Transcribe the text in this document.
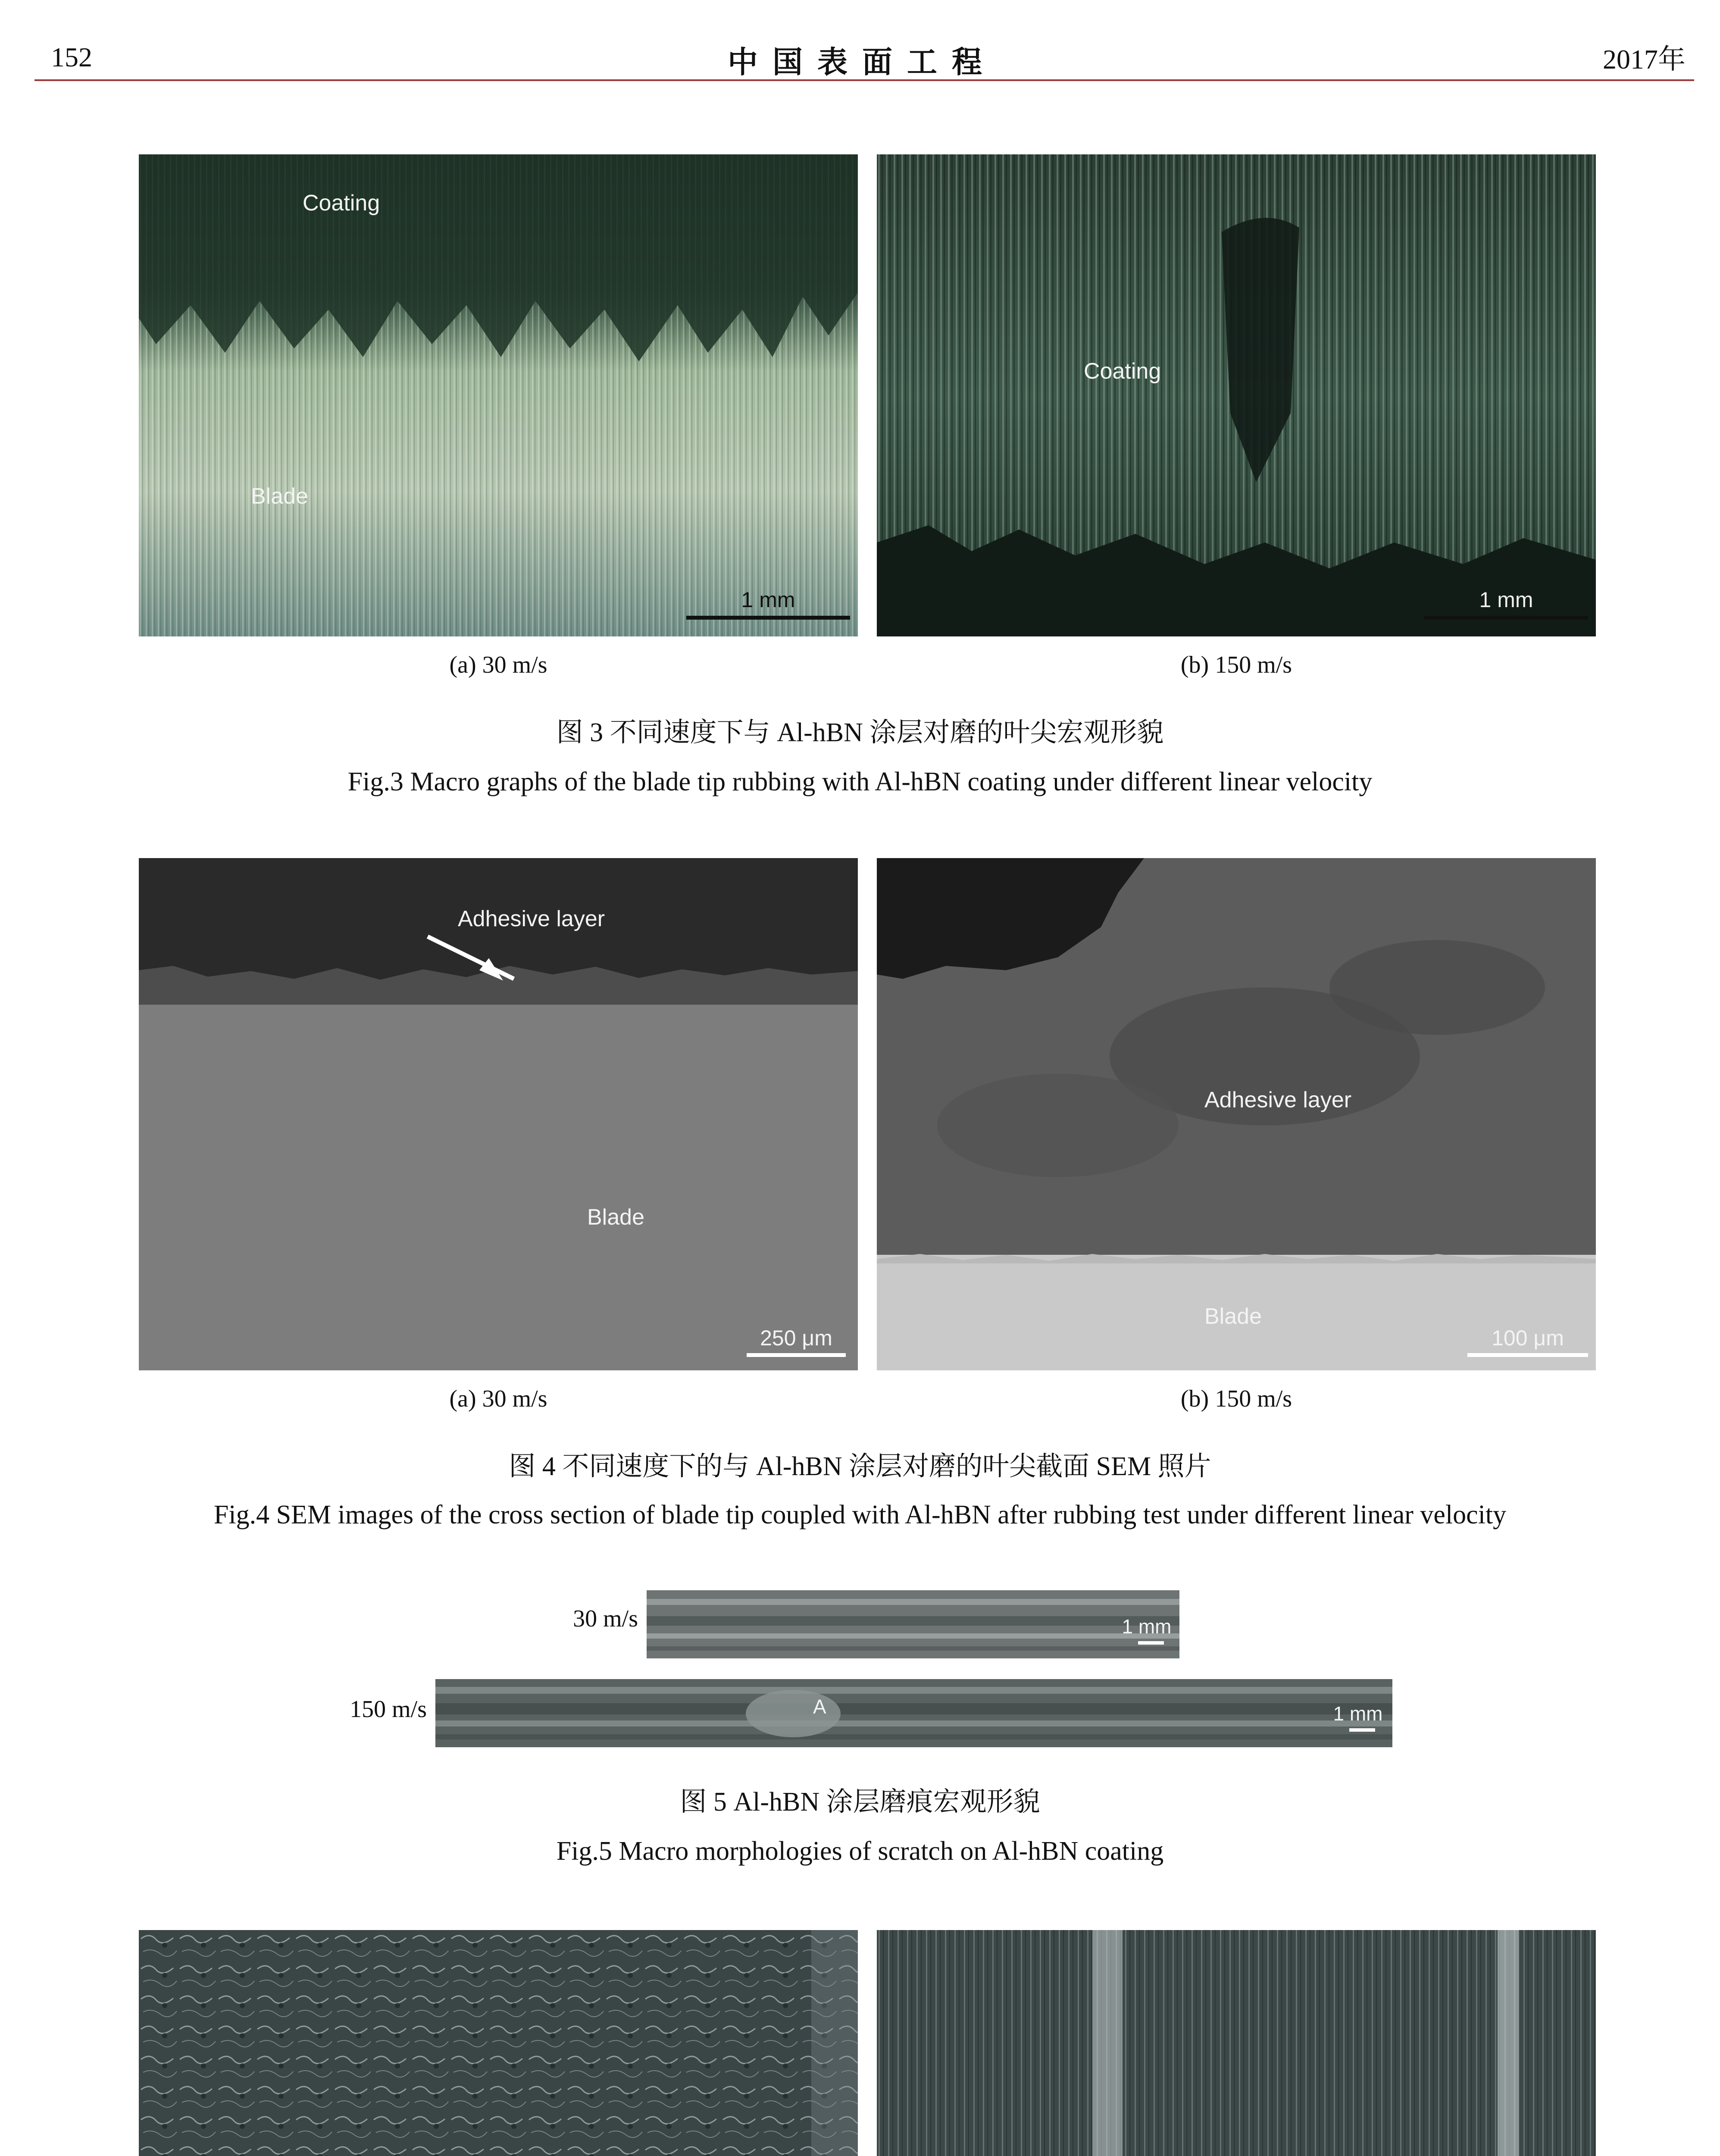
152	中国表面工程	2017年
Coating
Blade
1 mm
Coating
1 mm
(a) 30 m/s	(b) 150 m/s
图 3 不同速度下与 Al-hBN 涂层对磨的叶尖宏观形貌
Fig.3 Macro graphs of the blade tip rubbing with Al-hBN coating under different linear velocity
Adhesive layer
Blade
250 μm
Adhesive layer
Blade
100 μm
(a) 30 m/s	(b) 150 m/s
图 4 不同速度下的与 Al-hBN 涂层对磨的叶尖截面 SEM 照片
Fig.4 SEM images of the cross section of blade tip coupled with Al-hBN after rubbing test under different linear velocity
30 m/s	1 mm
150 m/s	A	1 mm
图 5 Al-hBN 涂层磨痕宏观形貌
Fig.5 Macro morphologies of scratch on Al-hBN coating
